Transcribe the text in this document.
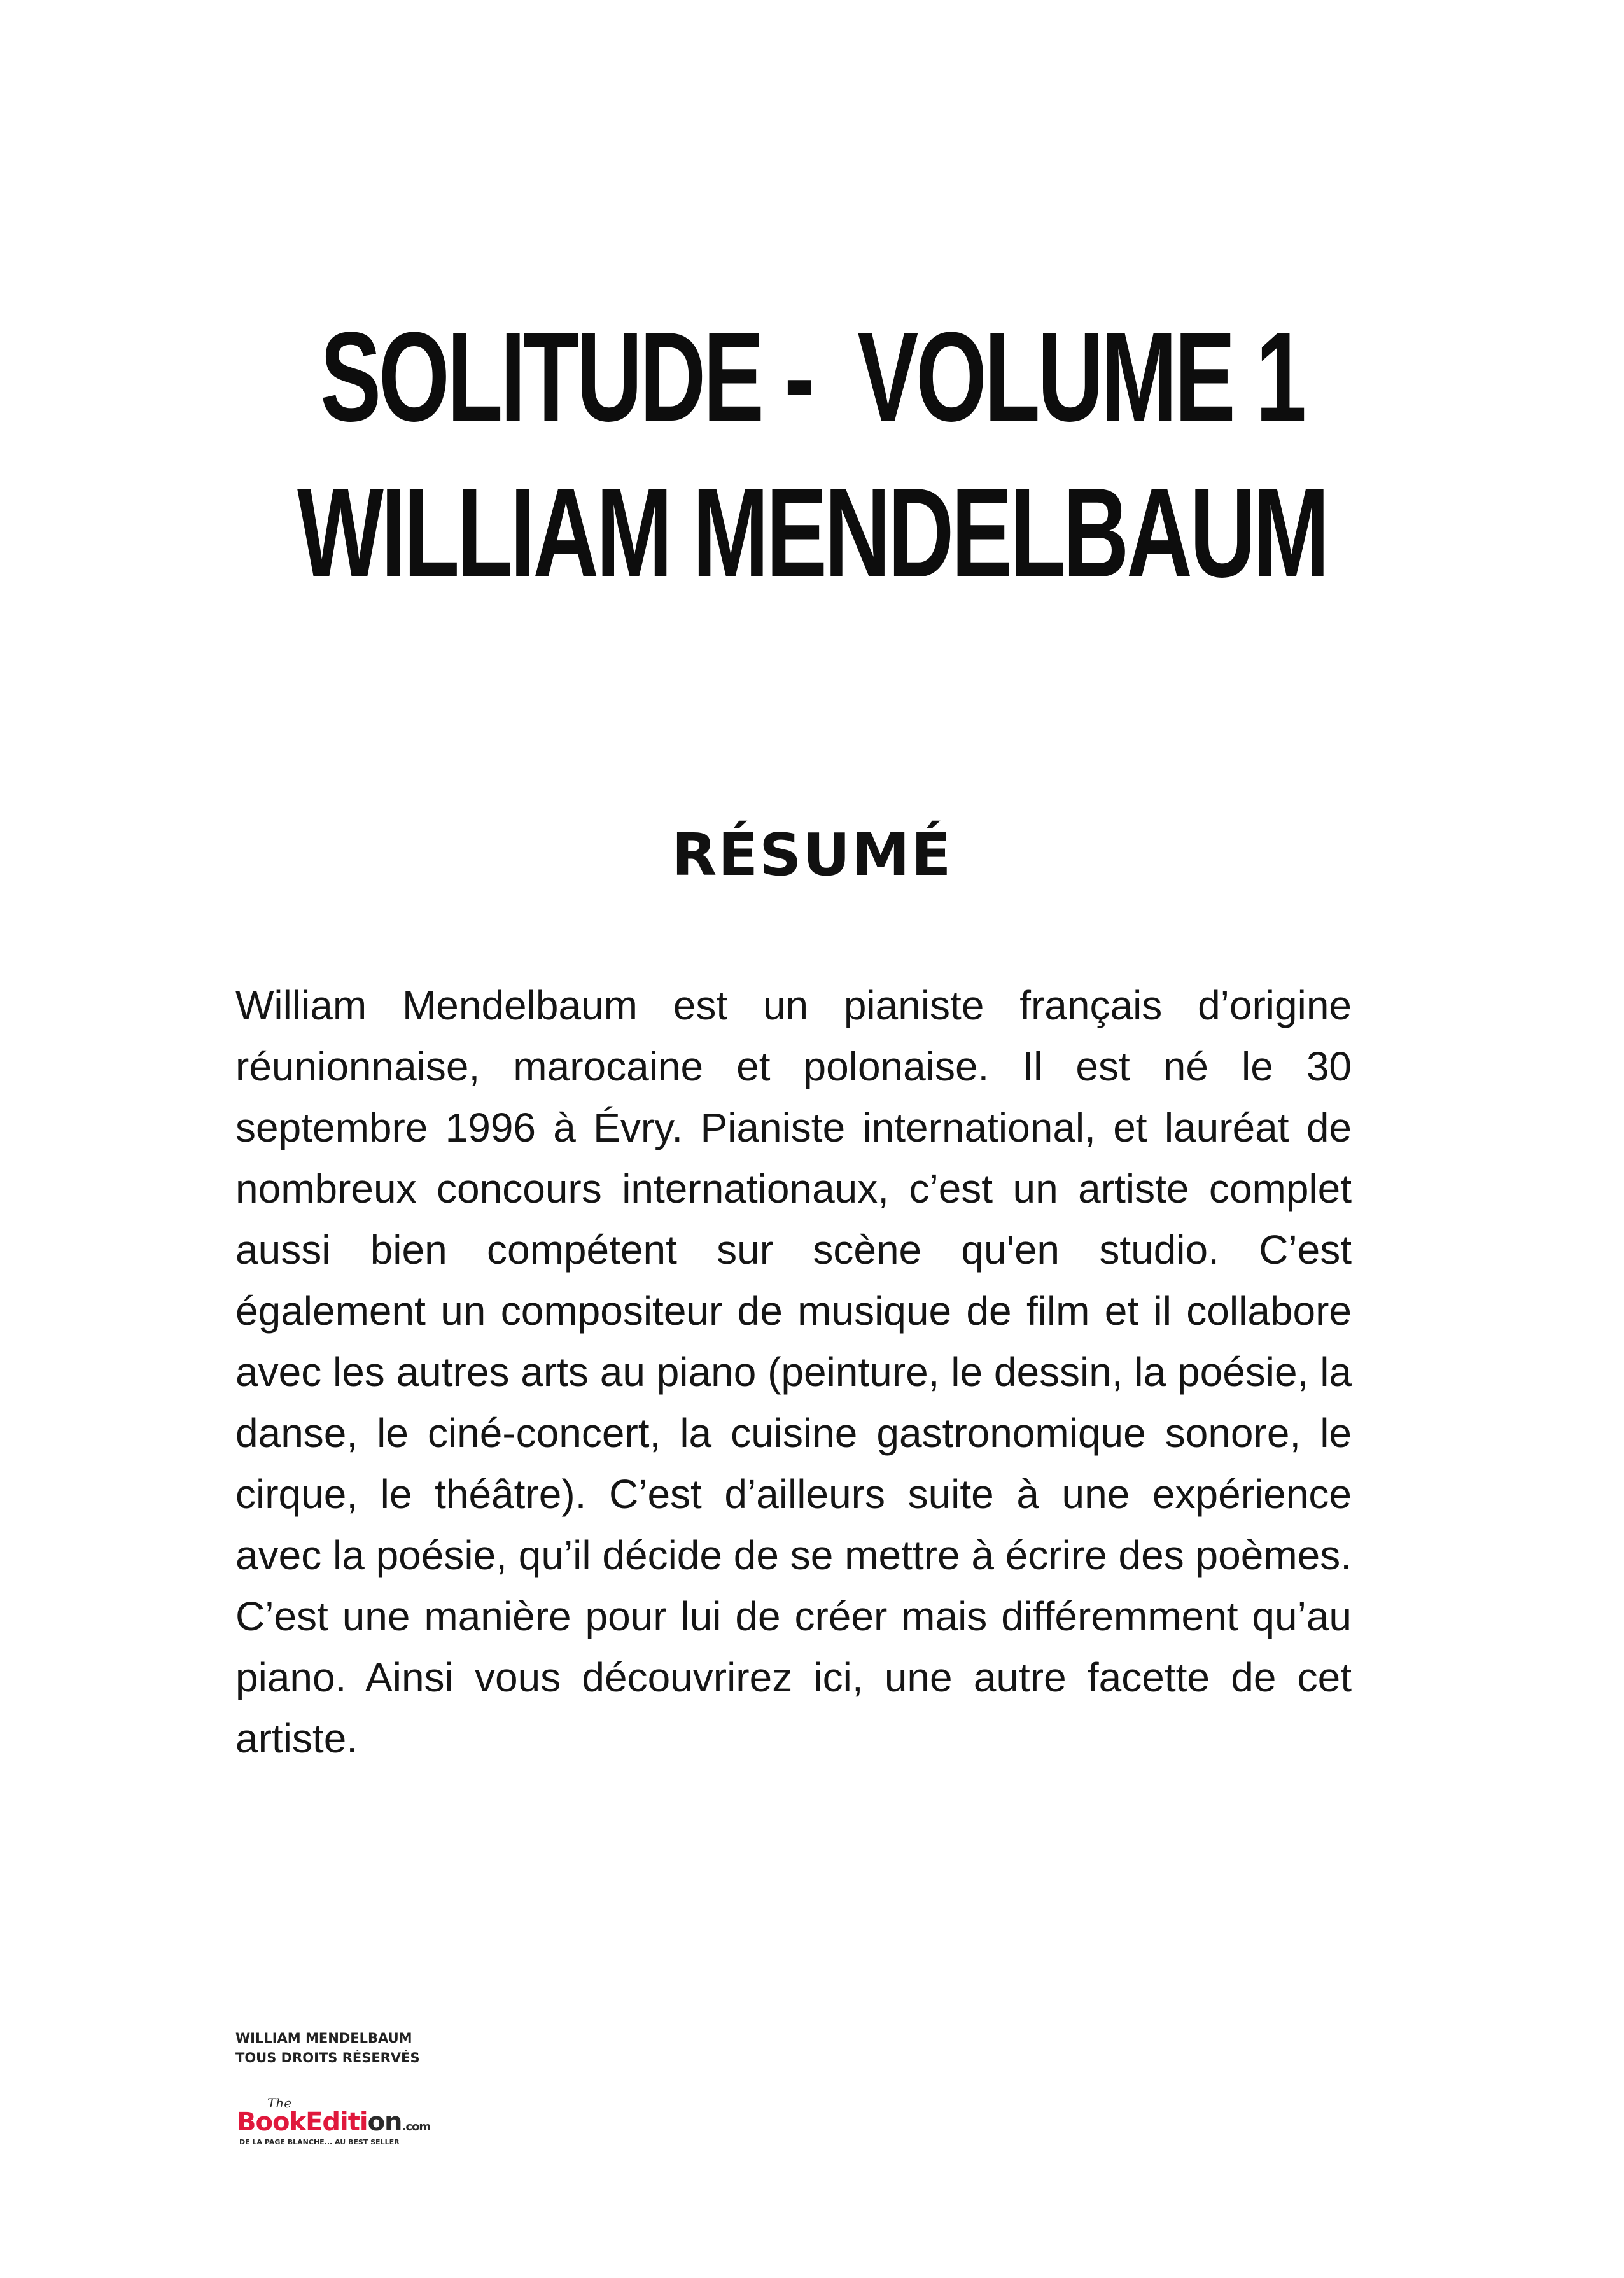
SOLITUDE -  VOLUME 1
WILLIAM MENDELBAUM
RÉSUMÉ

William Mendelbaum est un pianiste français d’origine réunionnaise, marocaine et polonaise. Il est né le 30 septembre 1996 à Évry. Pianiste international, et lauréat de nombreux concours internationaux, c’est un artiste complet aussi bien compétent sur scène qu'en studio. C’est également un compositeur de musique de film et il collabore avec les autres arts au piano (peinture, le dessin, la poésie, la danse, le ciné-concert, la cuisine gastronomique sonore, le cirque, le théâtre). C’est d’ailleurs suite à une expérience avec la poésie, qu’il décide de se mettre à écrire des poèmes. C’est une manière pour lui de créer mais différemment qu’au piano. Ainsi vous découvrirez ici, une autre facette de cet artiste.

WILLIAM MENDELBAUM
TOUS DROITS RÉSERVÉS
The
BookEdition.com
DE LA PAGE BLANCHE... AU BEST SELLER
